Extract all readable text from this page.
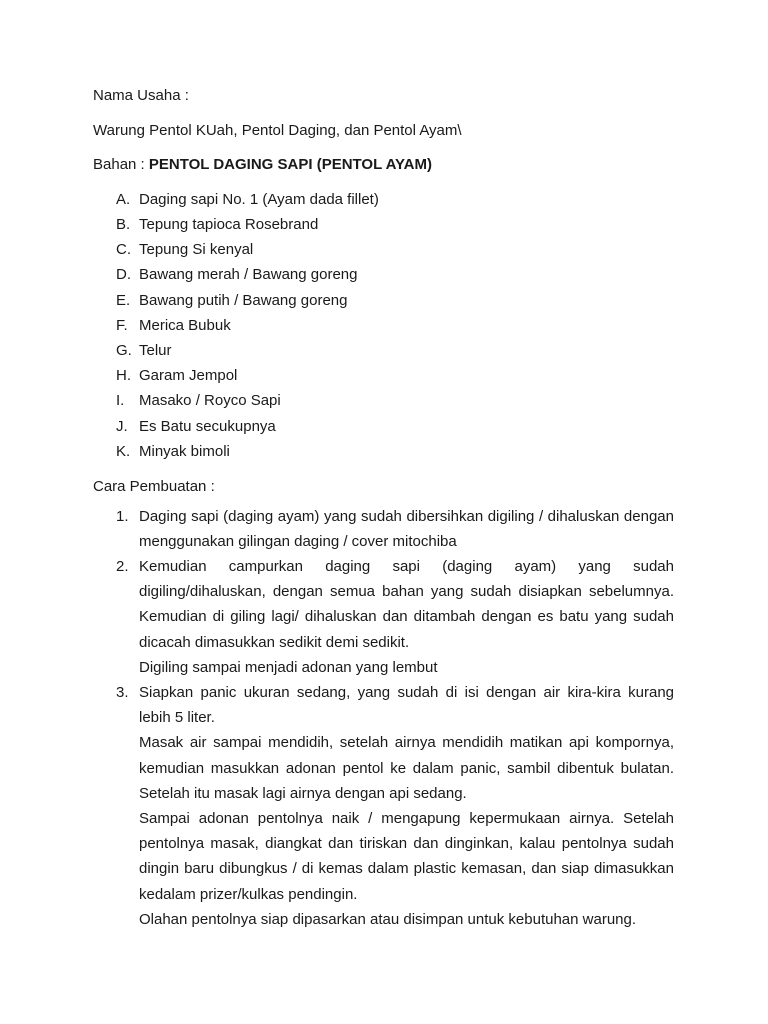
Nama Usaha :
Warung Pentol KUah, Pentol Daging, dan Pentol Ayam\
Bahan : PENTOL DAGING SAPI (PENTOL AYAM)
A. Daging sapi No. 1 (Ayam dada fillet)
B. Tepung tapioca Rosebrand
C. Tepung Si kenyal
D. Bawang merah / Bawang goreng
E. Bawang putih / Bawang goreng
F. Merica Bubuk
G. Telur
H. Garam Jempol
I. Masako / Royco Sapi
J. Es Batu secukupnya
K. Minyak bimoli
Cara Pembuatan :
1. Daging sapi (daging ayam) yang sudah dibersihkan digiling / dihaluskan dengan menggunakan gilingan daging / cover mitochiba

2. Kemudian campurkan daging sapi (daging ayam) yang sudah digiling/dihaluskan, dengan semua bahan yang sudah disiapkan sebelumnya. Kemudian di giling lagi/ dihaluskan dan ditambah dengan es batu yang sudah dicacah dimasukkan sedikit demi sedikit.

Digiling sampai menjadi adonan yang lembut

3. Siapkan panic ukuran sedang, yang sudah di isi dengan air kira-kira kurang lebih 5 liter.

Masak air sampai mendidih, setelah airnya mendidih matikan api kompornya, kemudian masukkan adonan pentol ke dalam panic, sambil dibentuk bulatan. Setelah itu masak lagi airnya dengan api sedang.

Sampai adonan pentolnya naik / mengapung kepermukaan airnya. Setelah pentolnya masak, diangkat dan tiriskan dan dinginkan, kalau pentolnya sudah dingin baru dibungkus / di kemas dalam plastic kemasan, dan siap dimasukkan kedalam prizer/kulkas pendingin.

Olahan pentolnya siap dipasarkan atau disimpan untuk kebutuhan warung.
